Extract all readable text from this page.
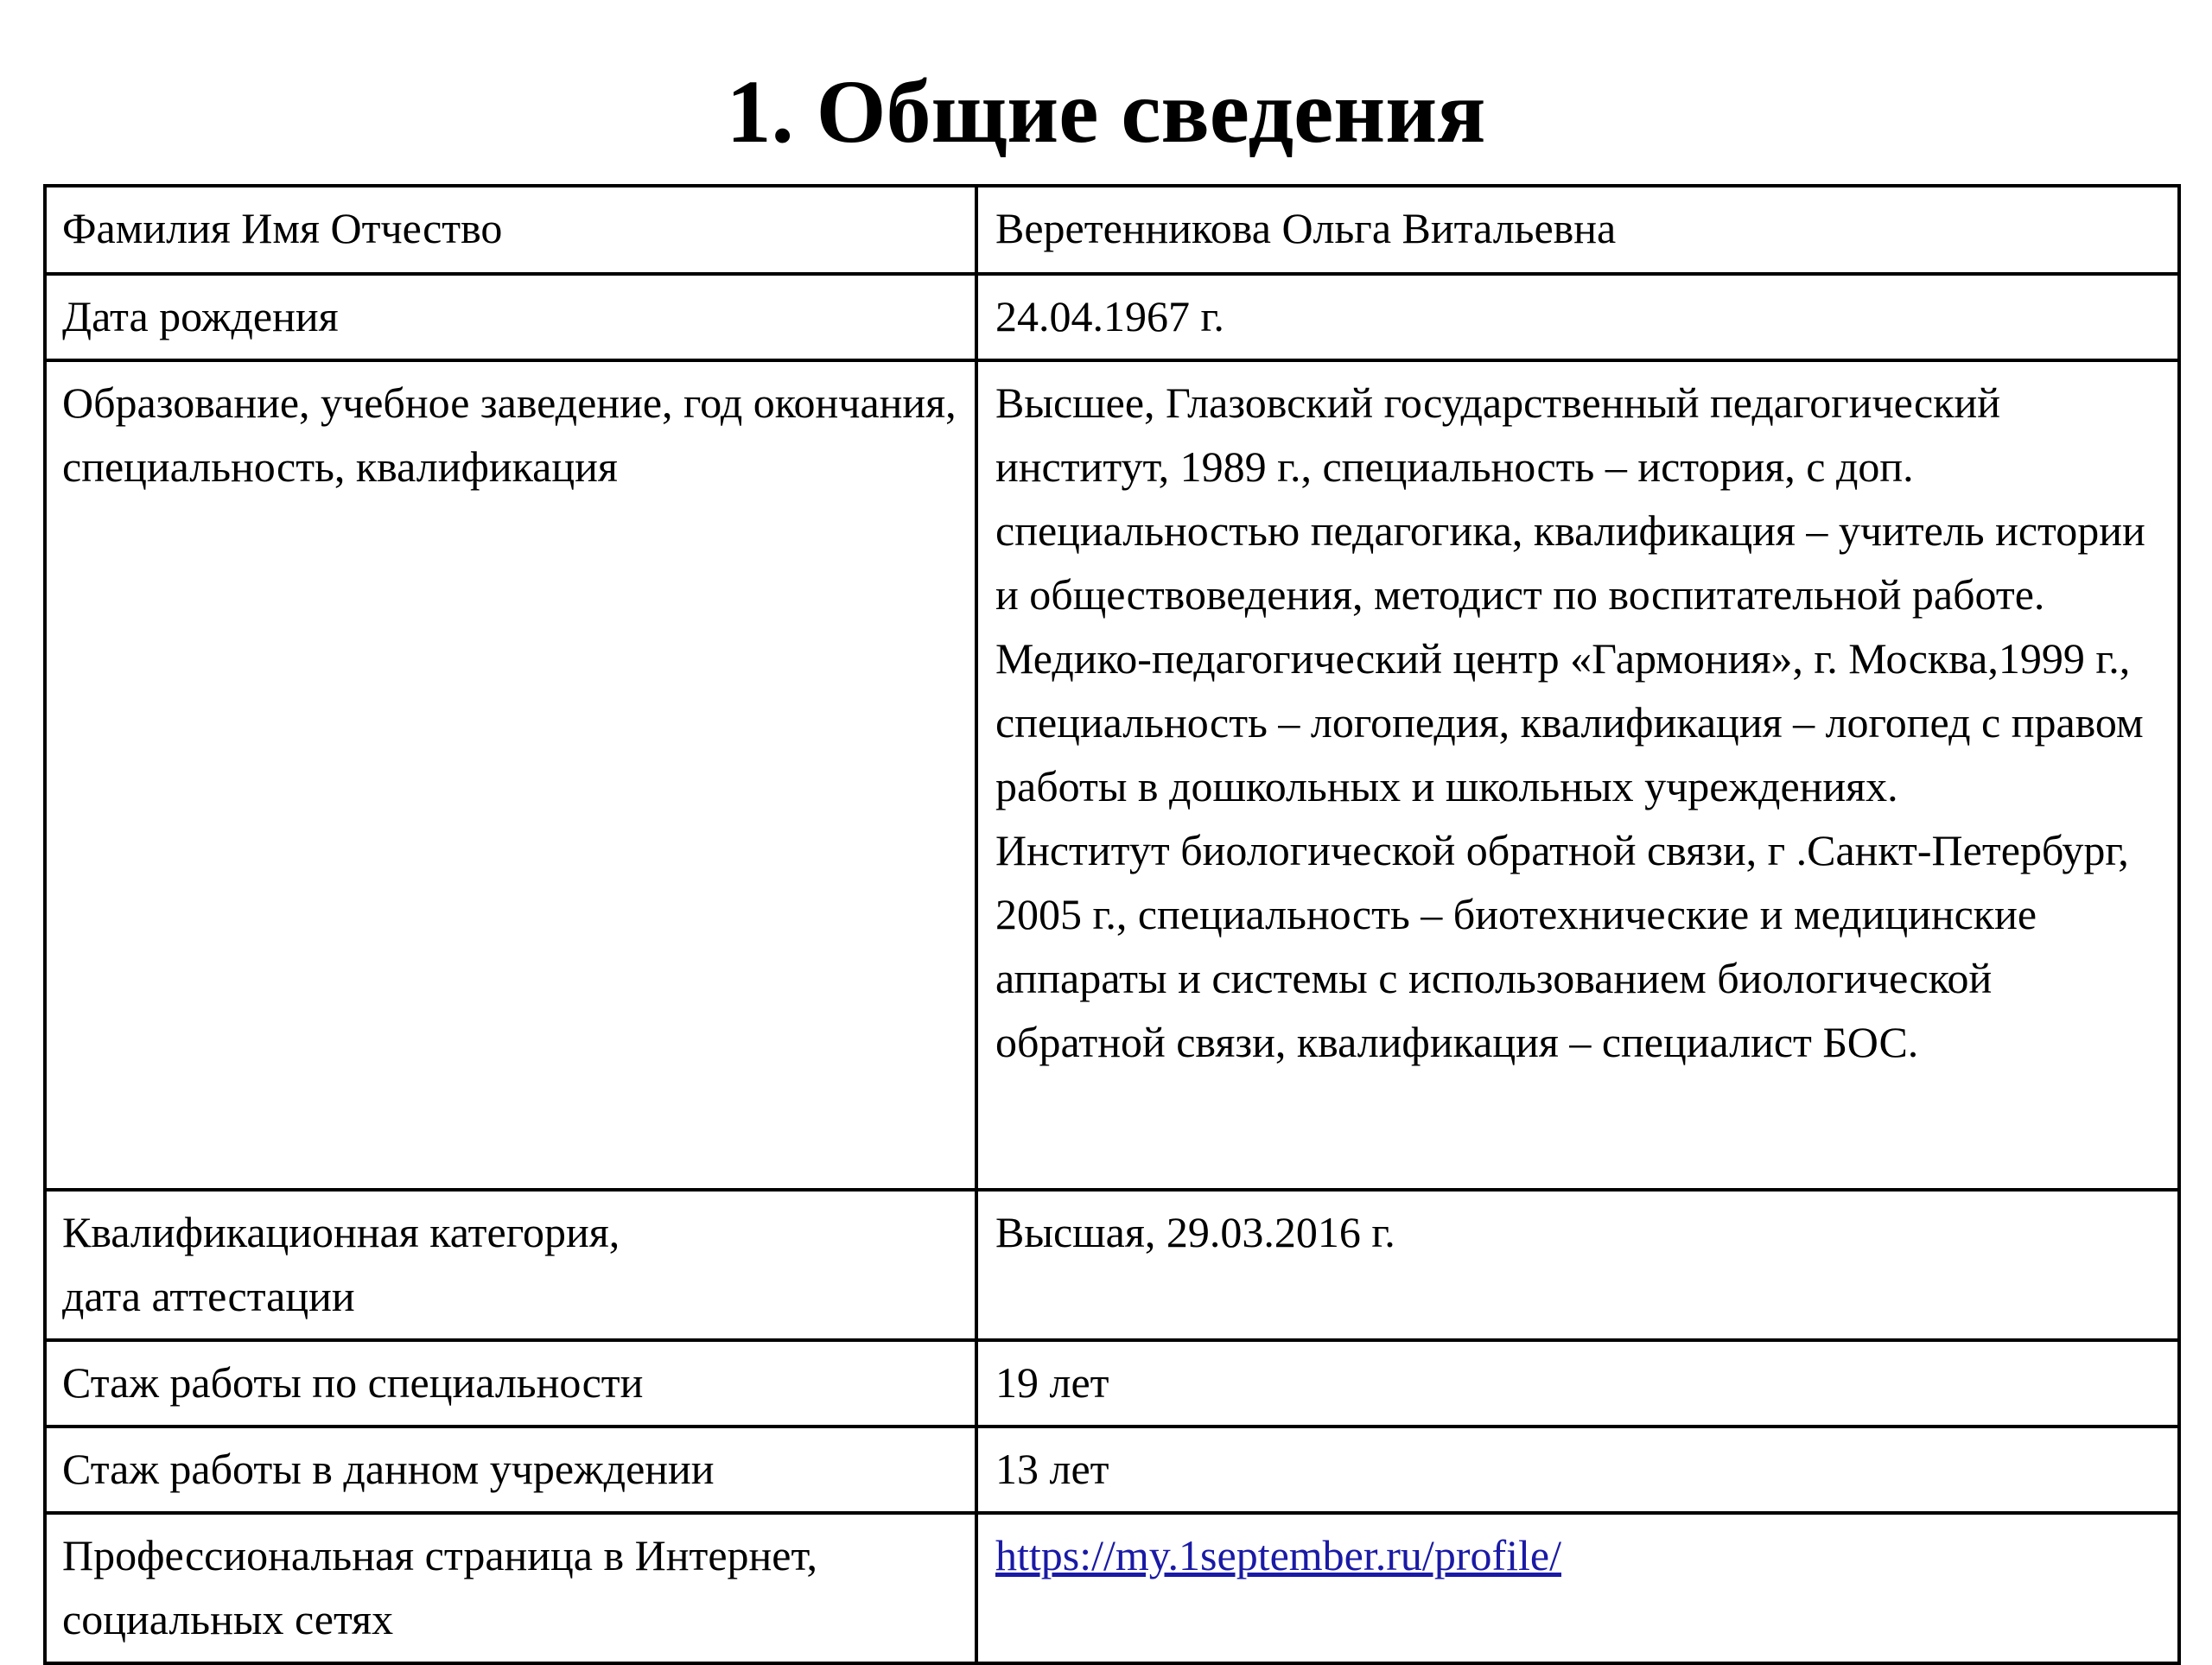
1. Общие сведения
Фамилия Имя Отчество	Веретенникова Ольга Витальевна
Дата рождения	24.04.1967 г.
Образование, учебное заведение, год окончания, специальность, квалификация	Высшее, Глазовский государственный педагогический институт, 1989 г., специальность – история, с доп. специальностью педагогика, квалификация – учитель истории и обществоведения, методист по воспитательной работе.
Медико-педагогический центр «Гармония», г. Москва,1999 г., специальность – логопедия, квалификация – логопед с правом работы в дошкольных и школьных учреждениях.
Институт биологической обратной связи, г .Санкт-Петербург, 2005 г., специальность – биотехнические и медицинские аппараты и системы с использованием биологической обратной связи, квалификация – специалист БОС.

Квалификационная категория,
дата аттестации	Высшая, 29.03.2016 г.
Стаж работы по специальности	19 лет
Стаж работы в данном учреждении	13 лет
Профессиональная страница в Интернет, социальных сетях	https://my.1september.ru/profile/
